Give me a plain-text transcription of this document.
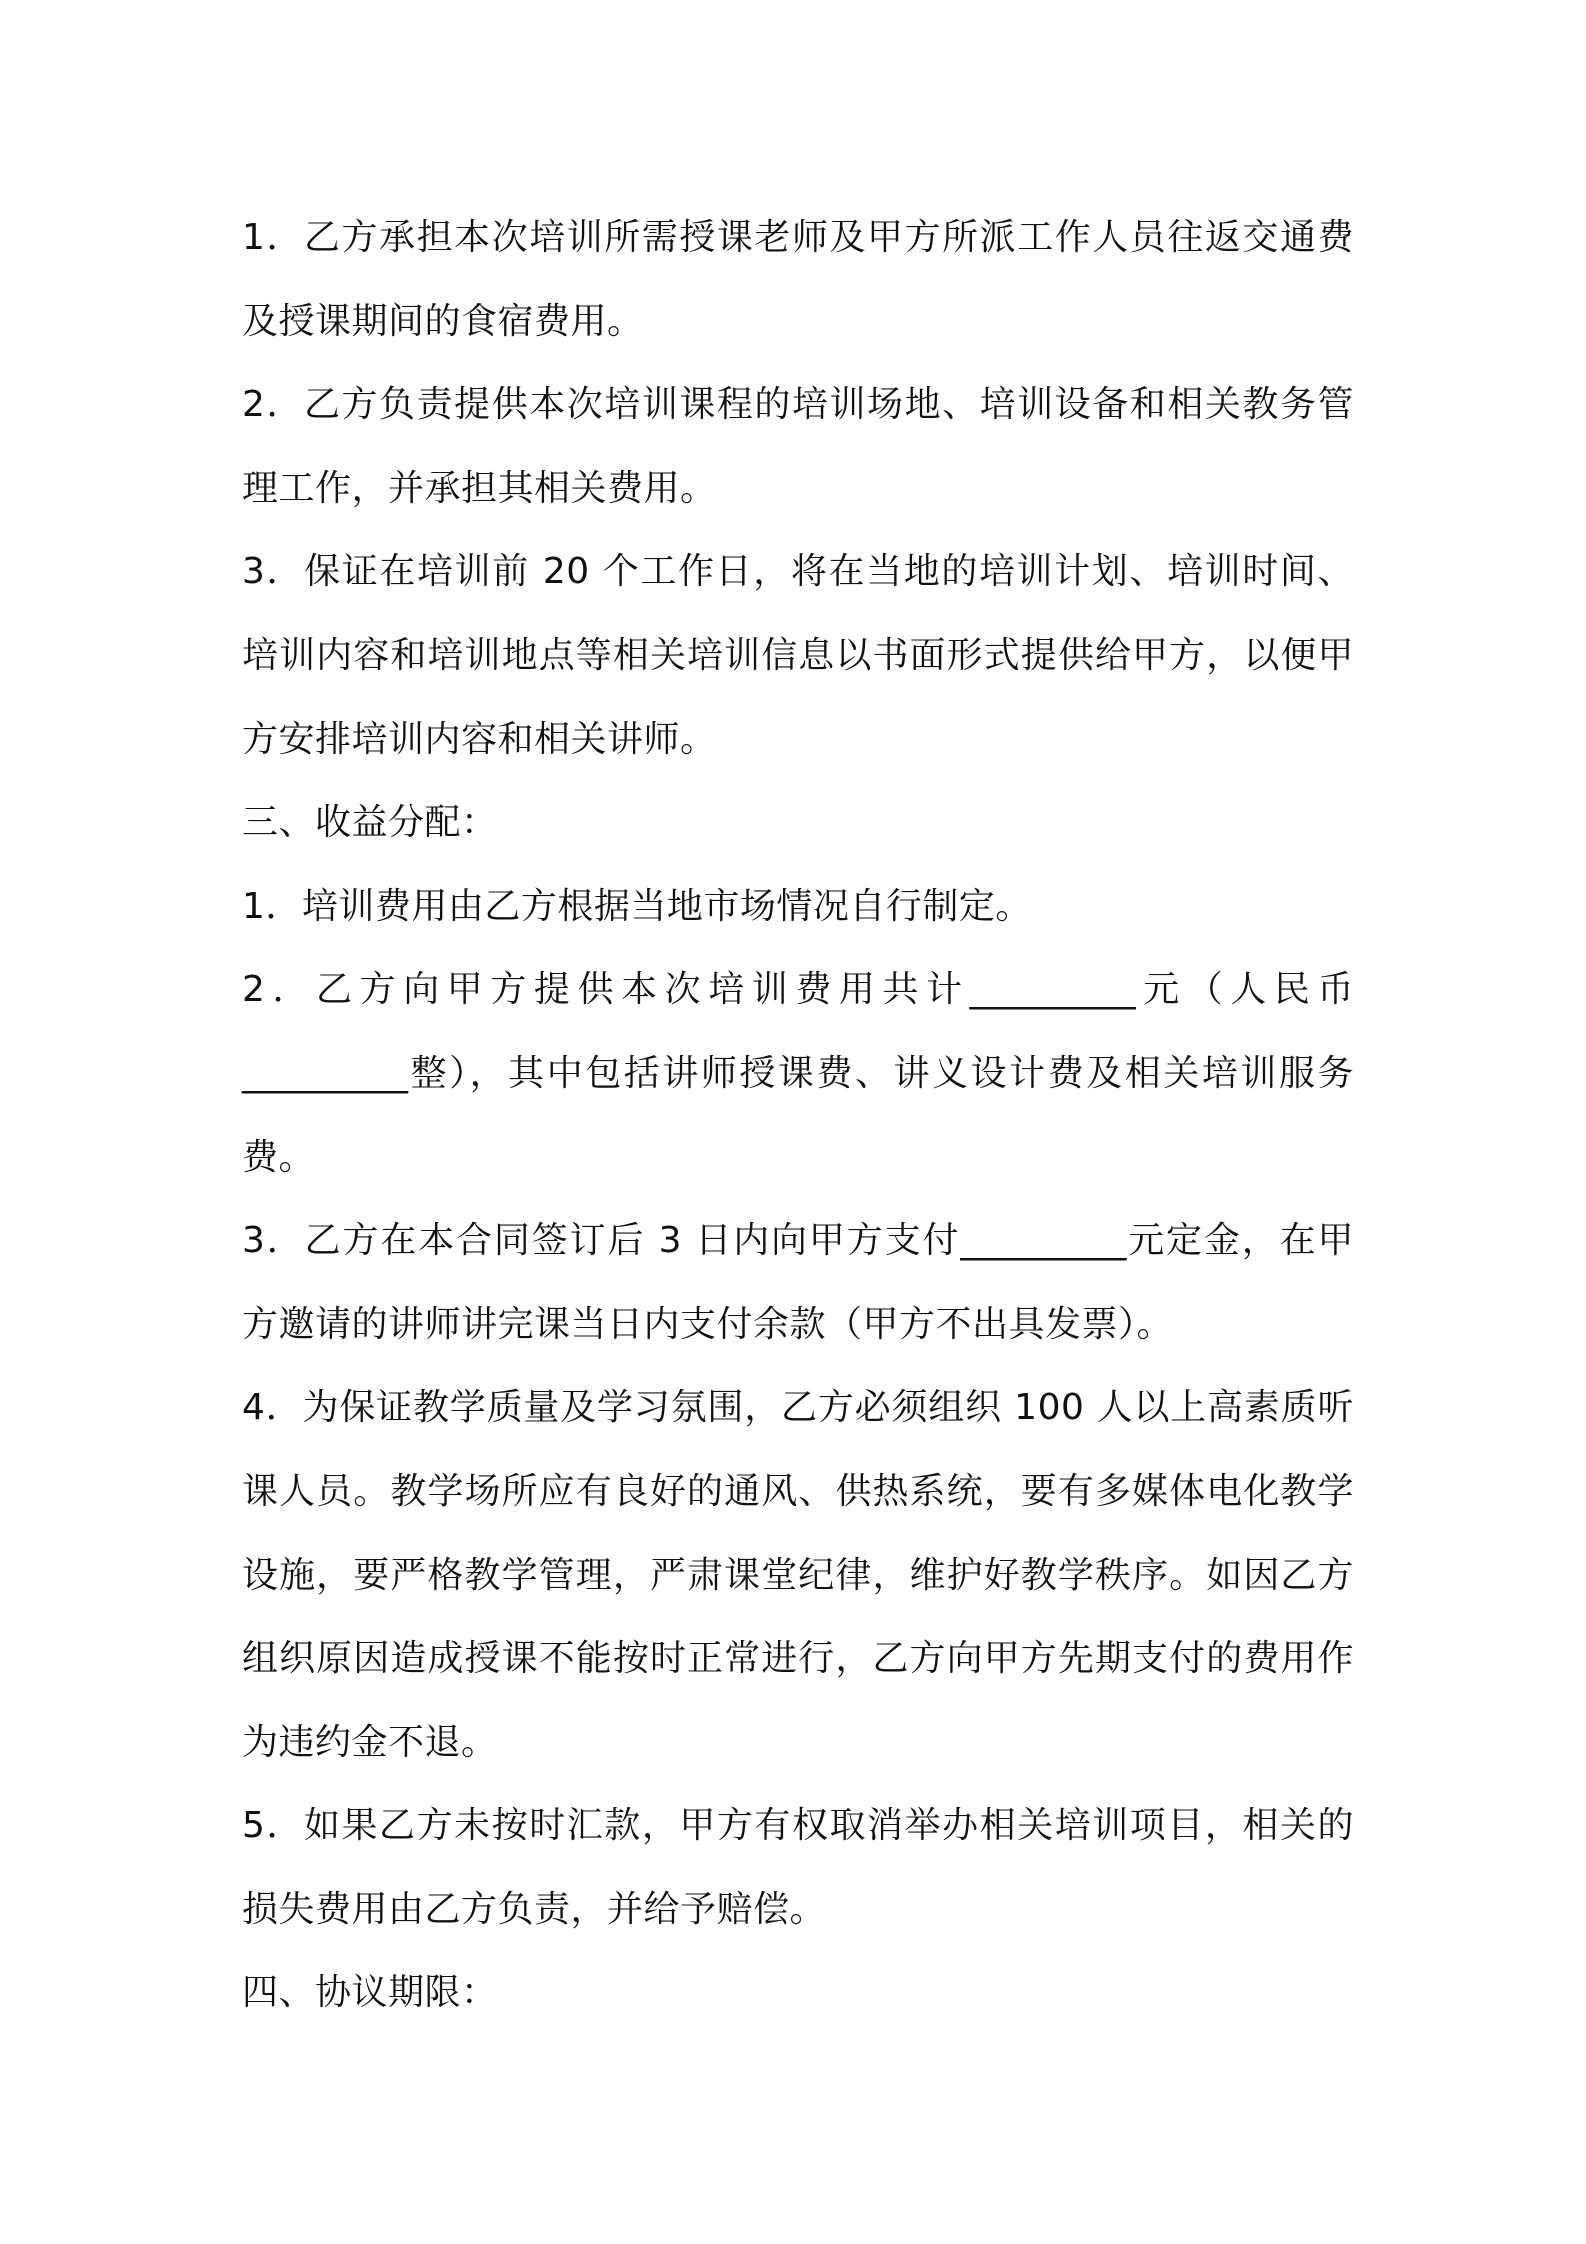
1．乙方承担本次培训所需授课老师及甲方所派工作人员往返交通费及授课期间的食宿费用。

2．乙方负责提供本次培训课程的培训场地、培训设备和相关教务管理工作，并承担其相关费用。

3．保证在培训前 20 个工作日，将在当地的培训计划、培训时间、培训内容和培训地点等相关培训信息以书面形式提供给甲方，以便甲方安排培训内容和相关讲师。

三、收益分配：

1．培训费用由乙方根据当地市场情况自行制定。

2．乙方向甲方提供本次培训费用共计_________元（人民币_________整），其中包括讲师授课费、讲义设计费及相关培训服务费。

3．乙方在本合同签订后 3 日内向甲方支付_________元定金，在甲方邀请的讲师讲完课当日内支付余款（甲方不出具发票）。

4．为保证教学质量及学习氛围，乙方必须组织 100 人以上高素质听课人员。教学场所应有良好的通风、供热系统，要有多媒体电化教学设施，要严格教学管理，严肃课堂纪律，维护好教学秩序。如因乙方组织原因造成授课不能按时正常进行，乙方向甲方先期支付的费用作为违约金不退。

5．如果乙方未按时汇款，甲方有权取消举办相关培训项目，相关的损失费用由乙方负责，并给予赔偿。

四、协议期限：
